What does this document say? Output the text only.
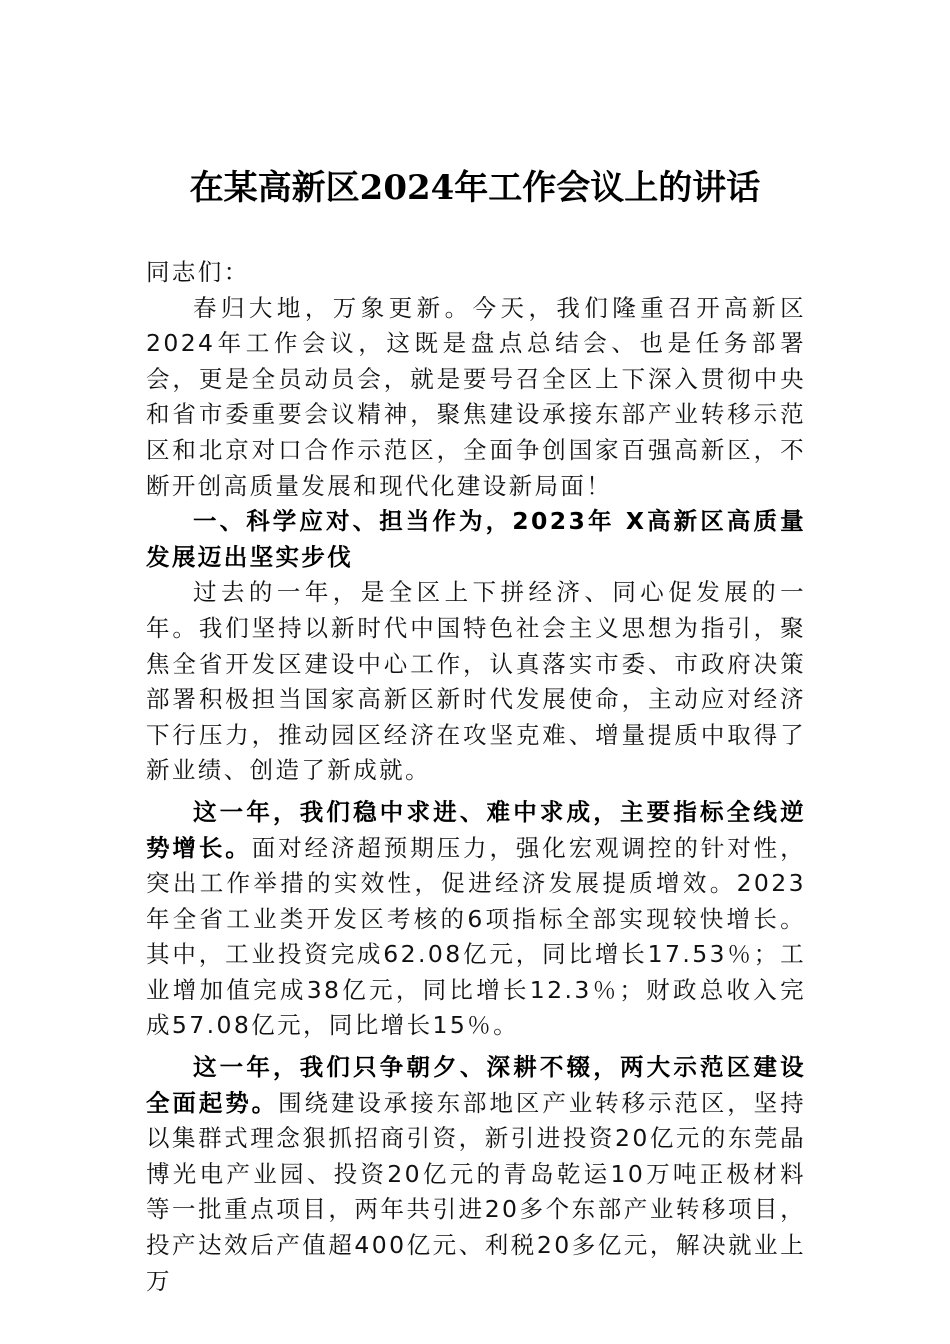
在某高新区2024年工作会议上的讲话

同志们：

春归大地，万象更新。今天，我们隆重召开高新区2024年工作会议，这既是盘点总结会、也是任务部署会，更是全员动员会，就是要号召全区上下深入贯彻中央和省市委重要会议精神，聚焦建设承接东部产业转移示范区和北京对口合作示范区，全面争创国家百强高新区，不断开创高质量发展和现代化建设新局面！

一、科学应对、担当作为，2023年 X高新区高质量发展迈出坚实步伐

过去的一年，是全区上下拼经济、同心促发展的一年。我们坚持以新时代中国特色社会主义思想为指引，聚焦全省开发区建设中心工作，认真落实市委、市政府决策部署积极担当国家高新区新时代发展使命，主动应对经济下行压力，推动园区经济在攻坚克难、增量提质中取得了新业绩、创造了新成就。

这一年，我们稳中求进、难中求成，主要指标全线逆势增长。面对经济超预期压力，强化宏观调控的针对性，突出工作举措的实效性，促进经济发展提质增效。2023年全省工业类开发区考核的6项指标全部实现较快增长。其中，工业投资完成62.08亿元，同比增长17.53％；工业增加值完成38亿元，同比增长12.3％；财政总收入完成57.08亿元，同比增长15％。

这一年，我们只争朝夕、深耕不辍，两大示范区建设全面起势。围绕建设承接东部地区产业转移示范区，坚持以集群式理念狠抓招商引资，新引进投资20亿元的东莞晶博光电产业园、投资20亿元的青岛乾运10万吨正极材料等一批重点项目，两年共引进20多个东部产业转移项目，投产达效后产值超400亿元、利税20多亿元，解决就业上万
